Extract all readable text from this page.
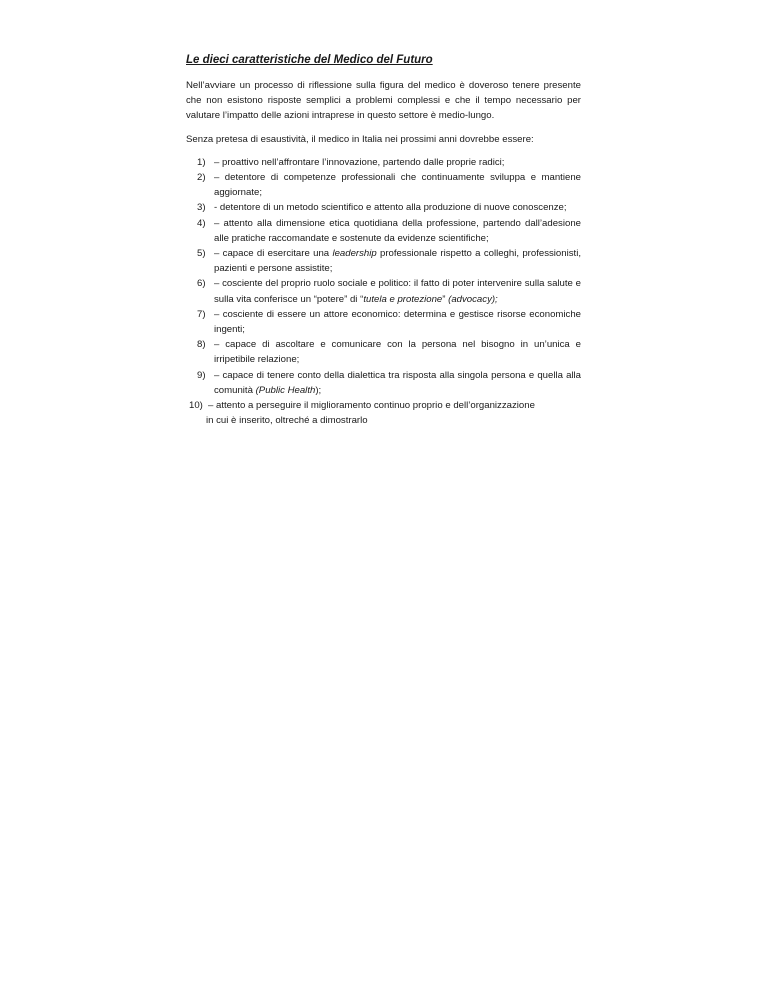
Le dieci caratteristiche del Medico del Futuro

Nell’avviare un processo di riflessione sulla figura del medico è doveroso tenere presente che non esistono risposte semplici a problemi complessi e che il tempo necessario per valutare l’impatto delle azioni intraprese in questo settore è medio-lungo.

Senza pretesa di esaustività, il medico in Italia nei prossimi anni dovrebbe essere:

1) – proattivo nell’affrontare l’innovazione, partendo dalle proprie radici;
2) – detentore di competenze professionali che continuamente sviluppa e mantiene aggiornate;
3) - detentore di un metodo scientifico e attento alla produzione di nuove conoscenze;
4) – attento alla dimensione etica quotidiana della professione, partendo dall’adesione alle pratiche raccomandate e sostenute da evidenze scientifiche;
5) – capace di esercitare una leadership professionale rispetto a colleghi, professionisti, pazienti e persone assistite;
6) – cosciente del proprio ruolo sociale e politico: il fatto di poter intervenire sulla salute e sulla vita conferisce un “potere” di “tutela e protezione” (advocacy);
7) – cosciente di essere un attore economico: determina e gestisce risorse economiche ingenti;
8) – capace di ascoltare e comunicare con la persona nel bisogno in un’unica e irripetibile relazione;
9) – capace di tenere conto della dialettica tra risposta alla singola persona e quella alla comunità (Public Health);
10) – attento a perseguire il miglioramento continuo proprio e dell’organizzazione
in cui è inserito, oltreché a dimostrarlo
